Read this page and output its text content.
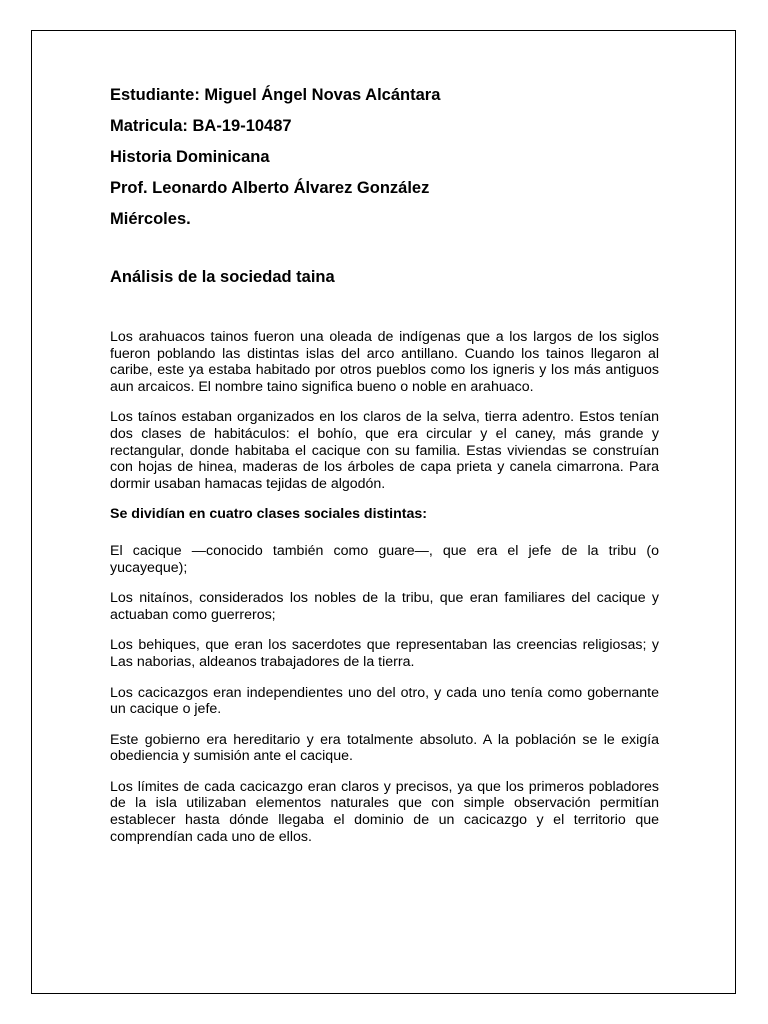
Estudiante: Miguel Ángel Novas Alcántara
Matricula: BA-19-10487
Historia Dominicana
Prof. Leonardo Alberto Álvarez González
Miércoles.
Análisis de la sociedad taina

Los arahuacos tainos fueron una oleada de indígenas que a los largos de los siglos fueron poblando las distintas islas del arco antillano. Cuando los tainos llegaron al caribe, este ya estaba habitado por otros pueblos como los igneris y los más antiguos aun arcaicos. El nombre taino significa bueno o noble en arahuaco.

Los taínos estaban organizados en los claros de la selva, tierra adentro. Estos tenían dos clases de habitáculos: el bohío, que era circular y el caney, más grande y rectangular, donde habitaba el cacique con su familia. Estas viviendas se construían con hojas de hinea, maderas de los árboles de capa prieta y canela cimarrona. Para dormir usaban hamacas tejidas de algodón.

Se dividían en cuatro clases sociales distintas:

El cacique —conocido también como guare—, que era el jefe de la tribu (o yucayeque);

Los nitaínos, considerados los nobles de la tribu, que eran familiares del cacique y actuaban como guerreros;

Los behiques, que eran los sacerdotes que representaban las creencias religiosas; y Las naborias, aldeanos trabajadores de la tierra.

Los cacicazgos eran independientes uno del otro, y cada uno tenía como gobernante un cacique o jefe.

Este gobierno era hereditario y era totalmente absoluto. A la población se le exigía obediencia y sumisión ante el cacique.

Los límites de cada cacicazgo eran claros y precisos, ya que los primeros pobladores de la isla utilizaban elementos naturales que con simple observación permitían establecer hasta dónde llegaba el dominio de un cacicazgo y el territorio que comprendían cada uno de ellos.
